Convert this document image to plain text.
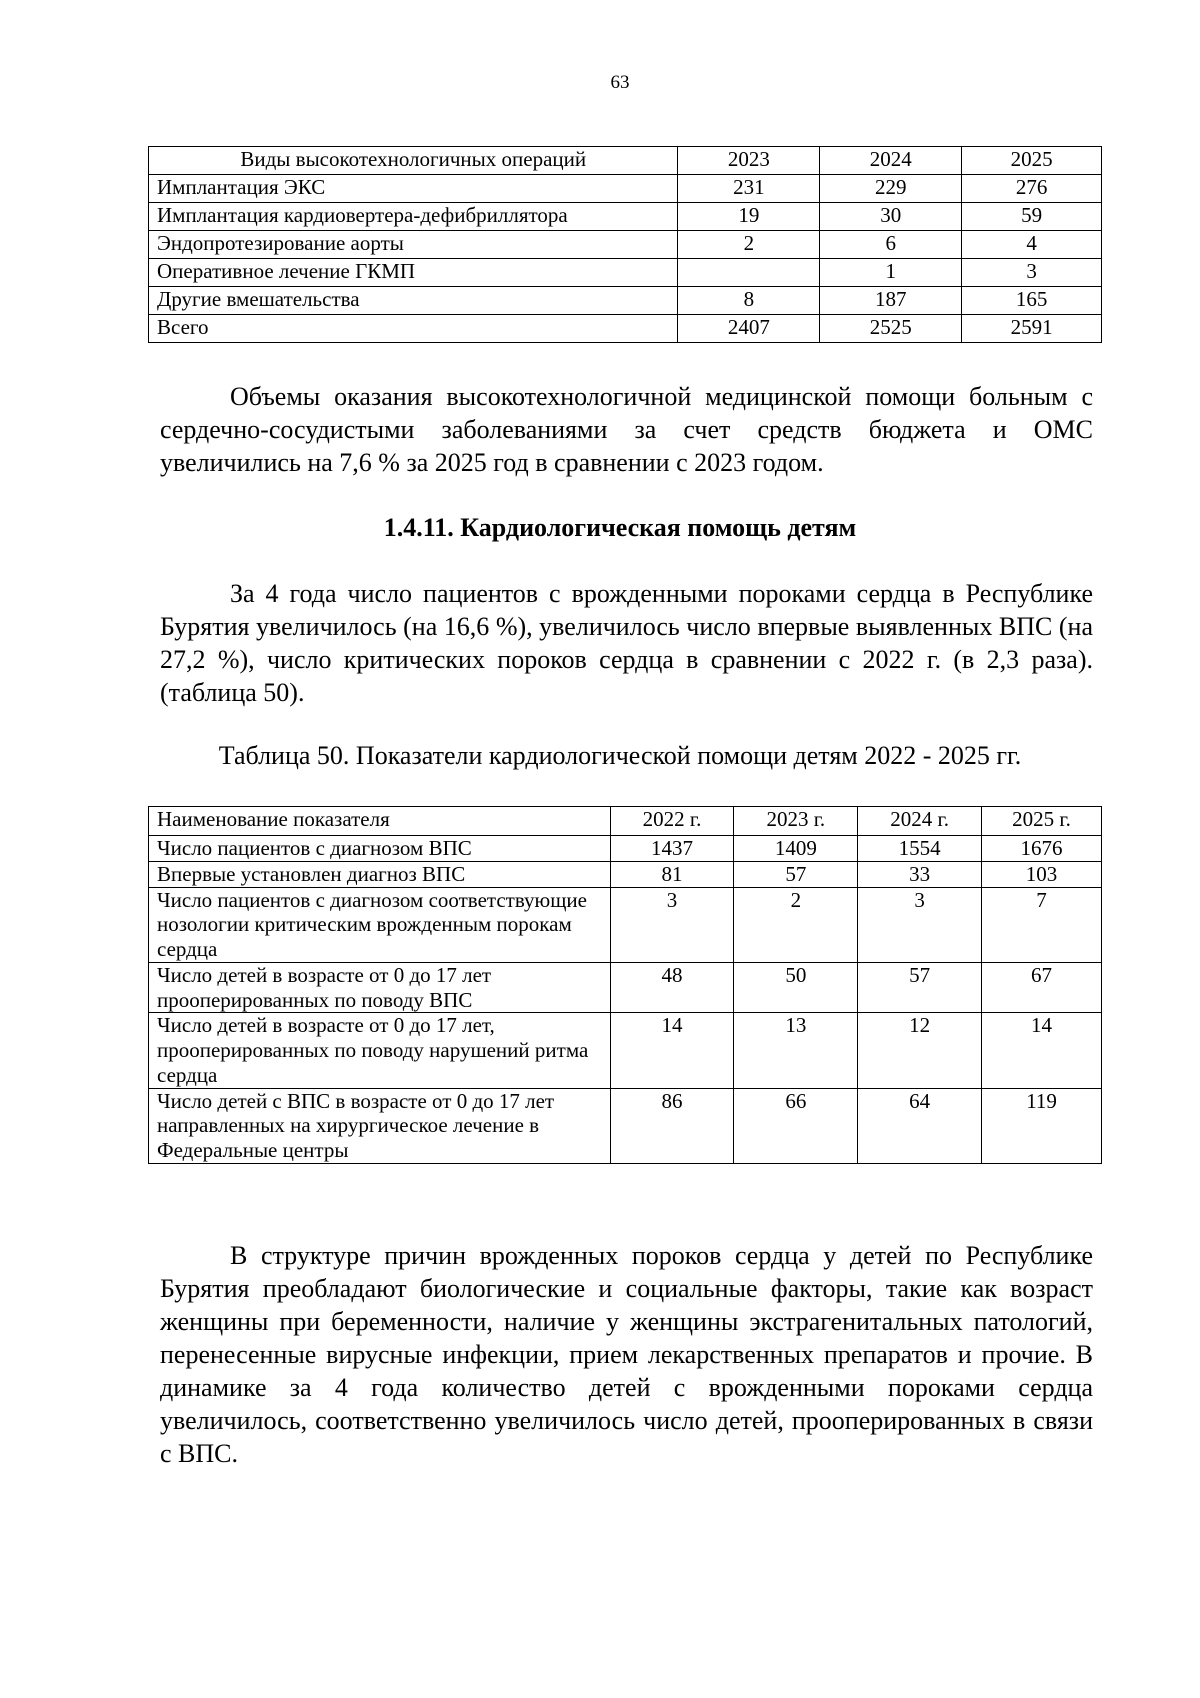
63
Виды высокотехнологичных операций	2023	2024	2025
Имплантация ЭКС	231	229	276
Имплантация кардиовертера-дефибриллятора	19	30	59
Эндопротезирование аорты	2	6	4
Оперативное лечение ГКМП		1	3
Другие вмешательства	8	187	165
Всего	2407	2525	2591

Объемы оказания высокотехнологичной медицинской помощи больным с сердечно-сосудистыми заболеваниями за счет средств бюджета и ОМС увеличились на 7,6 % за 2025 год в сравнении с 2023 годом.

1.4.11. Кардиологическая помощь детям

За 4 года число пациентов с врожденными пороками сердца в Республике Бурятия увеличилось (на 16,6 %), увеличилось число впервые выявленных ВПС (на 27,2 %), число критических пороков сердца в сравнении с 2022 г. (в 2,3 раза). (таблица 50).

Таблица 50. Показатели кардиологической помощи детям 2022 - 2025 гг.

Наименование показателя	2022 г.	2023 г.	2024 г.	2025 г.
Число пациентов с диагнозом ВПС	1437	1409	1554	1676
Впервые установлен диагноз ВПС	81	57	33	103
Число пациентов с диагнозом соответствующие нозологии критическим врожденным порокам сердца	3	2	3	7
Число детей в возрасте от 0 до 17 лет прооперированных по поводу ВПС	48	50	57	67
Число детей в возрасте от 0 до 17 лет, прооперированных по поводу нарушений ритма сердца	14	13	12	14
Число детей с ВПС в возрасте от 0 до 17 лет направленных на хирургическое лечение в Федеральные центры	86	66	64	119

В структуре причин врожденных пороков сердца у детей по Республике Бурятия преобладают биологические и социальные факторы, такие как возраст женщины при беременности, наличие у женщины экстрагенитальных патологий, перенесенные вирусные инфекции, прием лекарственных препаратов и прочие. В динамике за 4 года количество детей с врожденными пороками сердца увеличилось, соответственно увеличилось число детей, прооперированных в связи с ВПС.
